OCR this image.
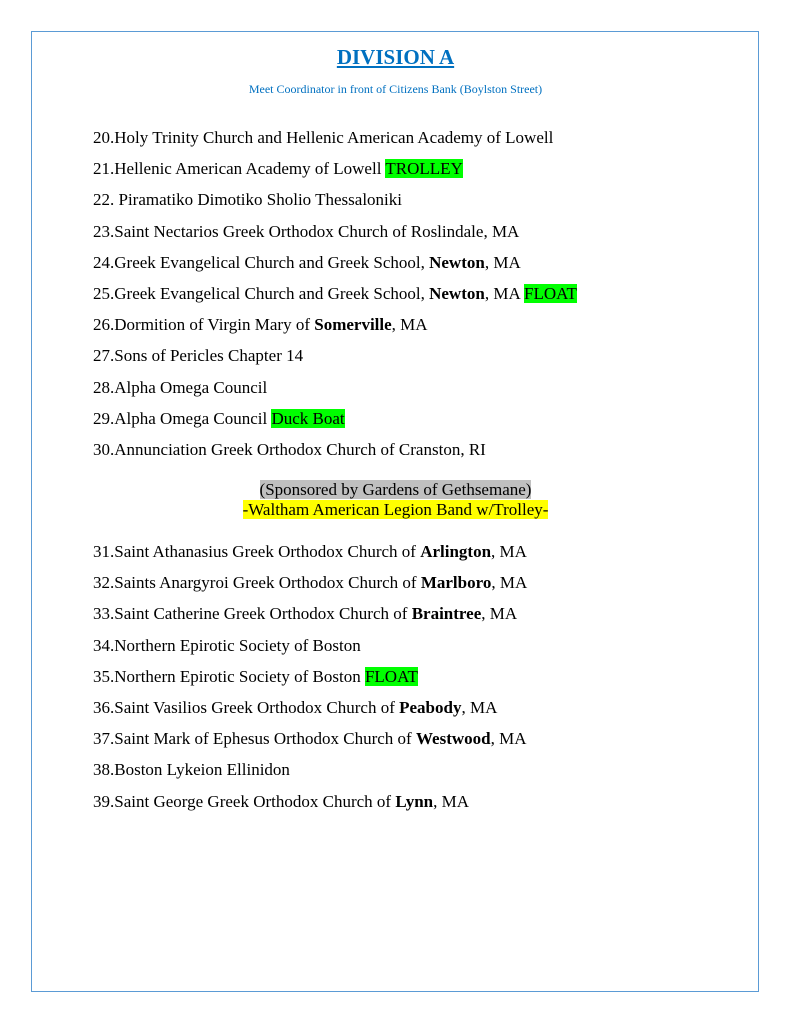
DIVISION A
Meet Coordinator in front of Citizens Bank (Boylston Street)
20.Holy Trinity Church and Hellenic American Academy of Lowell
21.Hellenic American Academy of Lowell TROLLEY
22. Piramatiko Dimotiko Sholio Thessaloniki
23.Saint Nectarios Greek Orthodox Church of Roslindale, MA
24.Greek Evangelical Church and Greek School, Newton, MA
25.Greek Evangelical Church and Greek School, Newton, MA FLOAT
26.Dormition of Virgin Mary of Somerville, MA
27.Sons of Pericles Chapter 14
28.Alpha Omega Council
29.Alpha Omega Council Duck Boat
30.Annunciation Greek Orthodox Church of Cranston, RI
(Sponsored by Gardens of Gethsemane)
-Waltham American Legion Band w/Trolley-
31.Saint Athanasius Greek Orthodox Church of Arlington, MA
32.Saints Anargyroi Greek Orthodox Church of Marlboro, MA
33.Saint Catherine Greek Orthodox Church of Braintree, MA
34.Northern Epirotic Society of Boston
35.Northern Epirotic Society of Boston FLOAT
36.Saint Vasilios Greek Orthodox Church of Peabody, MA
37.Saint Mark of Ephesus Orthodox Church of Westwood, MA
38.Boston Lykeion Ellinidon
39.Saint George Greek Orthodox Church of Lynn, MA
